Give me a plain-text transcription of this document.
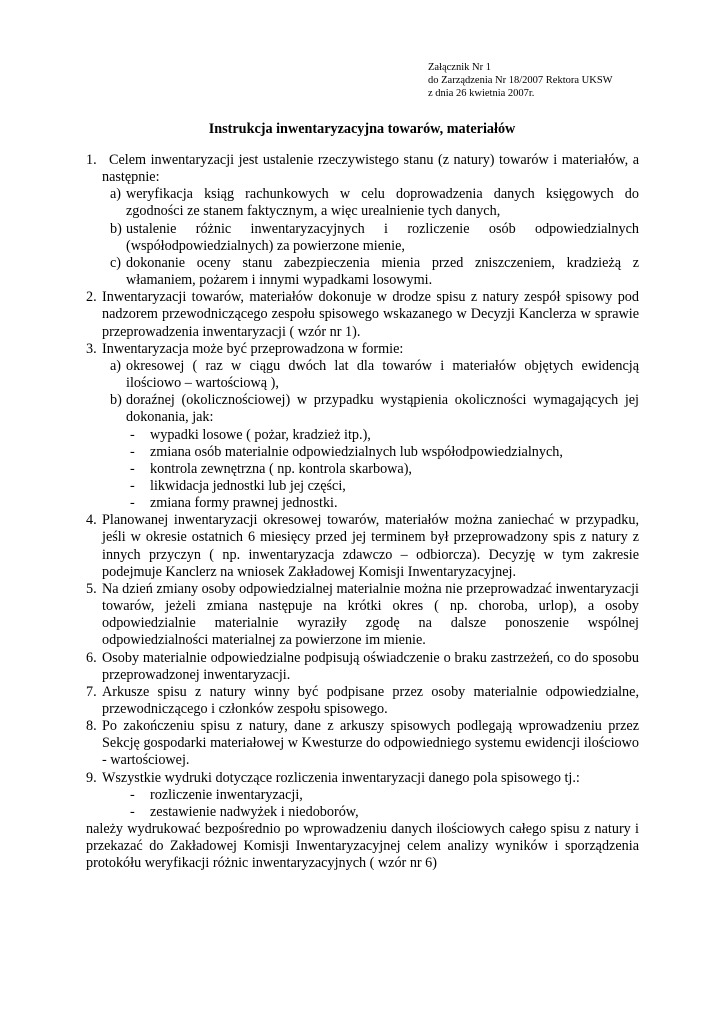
Załącznik Nr 1
do Zarządzenia Nr 18/2007 Rektora UKSW
z dnia 26 kwietnia 2007r.
Instrukcja inwentaryzacyjna towarów, materiałów
1. Celem inwentaryzacji jest ustalenie rzeczywistego stanu (z natury) towarów i materiałów, a następnie:
a) weryfikacja ksiąg rachunkowych w celu doprowadzenia danych księgowych do zgodności ze stanem faktycznym, a więc urealnienie tych danych,
b) ustalenie różnic inwentaryzacyjnych i rozliczenie osób odpowiedzialnych (współodpowiedzialnych) za powierzone mienie,
c) dokonanie oceny stanu zabezpieczenia mienia przed zniszczeniem, kradzieżą z włamaniem, pożarem i innymi wypadkami losowymi.
2. Inwentaryzacji towarów, materiałów dokonuje w drodze spisu z natury zespół spisowy pod nadzorem przewodniczącego zespołu spisowego wskazanego w Decyzji Kanclerza w sprawie przeprowadzenia inwentaryzacji ( wzór nr 1).
3. Inwentaryzacja może być przeprowadzona w formie:
a) okresowej ( raz w ciągu dwóch lat dla towarów i materiałów objętych ewidencją ilościowo – wartościową ),
b) doraźnej (okolicznościowej) w przypadku wystąpienia okoliczności wymagających jej dokonania, jak:
- wypadki losowe ( pożar, kradzież itp.),
- zmiana osób materialnie odpowiedzialnych lub współodpowiedzialnych,
- kontrola zewnętrzna ( np. kontrola skarbowa),
- likwidacja jednostki lub jej części,
- zmiana formy prawnej jednostki.
4. Planowanej inwentaryzacji okresowej towarów, materiałów można zaniechać w przypadku, jeśli w okresie ostatnich 6 miesięcy przed jej terminem był przeprowadzony spis z natury z innych przyczyn ( np. inwentaryzacja zdawczo – odbiorcza). Decyzję w tym zakresie podejmuje Kanclerz na wniosek Zakładowej Komisji Inwentaryzacyjnej.
5. Na dzień zmiany osoby odpowiedzialnej materialnie można nie przeprowadzać inwentaryzacji towarów, jeżeli zmiana następuje na krótki okres ( np. choroba, urlop), a osoby odpowiedzialnie materialnie wyraziły zgodę na dalsze ponoszenie wspólnej odpowiedzialności materialnej za powierzone im mienie.
6. Osoby materialnie odpowiedzialne podpisują oświadczenie o braku zastrzeżeń, co do sposobu przeprowadzonej inwentaryzacji.
7. Arkusze spisu z natury winny być podpisane przez osoby materialnie odpowiedzialne, przewodniczącego i członków zespołu spisowego.
8. Po zakończeniu spisu z natury, dane z arkuszy spisowych podlegają wprowadzeniu przez Sekcję gospodarki materiałowej w Kwesturze do odpowiedniego systemu ewidencji ilościowo - wartościowej.
9. Wszystkie wydruki dotyczące rozliczenia inwentaryzacji danego pola spisowego tj.:
- rozliczenie inwentaryzacji,
- zestawienie nadwyżek i niedoborów,
należy wydrukować bezpośrednio po wprowadzeniu danych ilościowych całego spisu z natury i przekazać do Zakładowej Komisji Inwentaryzacyjnej celem analizy wyników i sporządzenia protokółu weryfikacji różnic inwentaryzacyjnych ( wzór nr 6)
